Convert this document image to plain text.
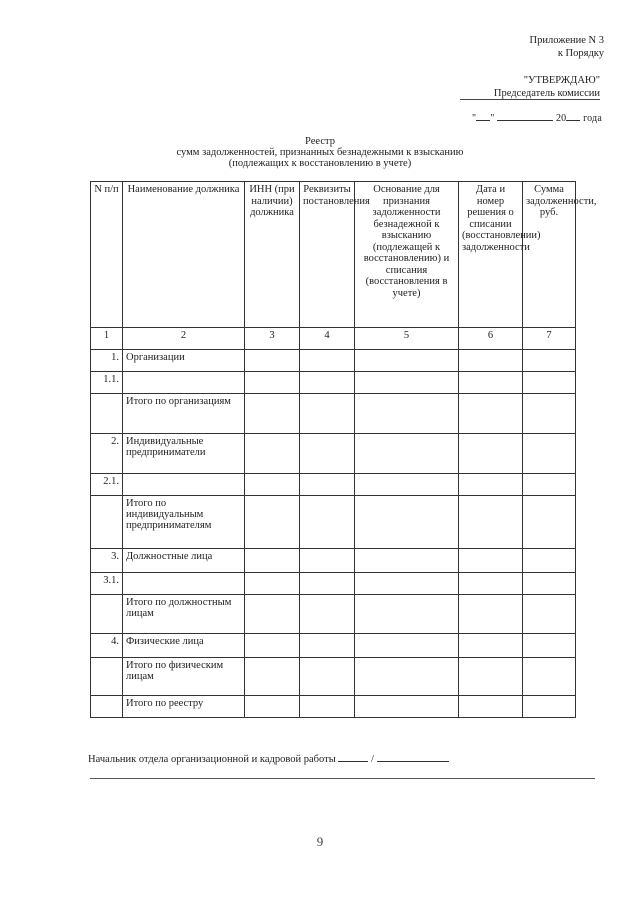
Приложение N 3
к Порядку
"УТВЕРЖДАЮ"
Председатель комиссии
" "	20 года
Реестр
сумм задолженностей, признанных безнадежными к взысканию
(подлежащих к восстановлению в учете)
N п/п	Наименование должника	ИНН (при наличии) должника	Реквизиты постановления	Основание для признания задолженности безнадежной к взысканию (подлежащей к восстановлению) и списания (восстановления в учете)	Дата и номер решения о списании (восстановлении) задолженности	Сумма задолженности, руб.
1	2	3	4	5	6	7
1.	Организации					
1.1.						
	Итого по организациям					
2.	Индивидуальные предприниматели					
2.1.						
	Итого по индивидуальным предпринимателям					
3.	Должностные лица					
3.1.						
	Итого по должностным лицам					
4.	Физические лица					
	Итого по физическим лицам					
	Итого по реестру					
Начальник отдела организационной и кадровой работы	/
9
